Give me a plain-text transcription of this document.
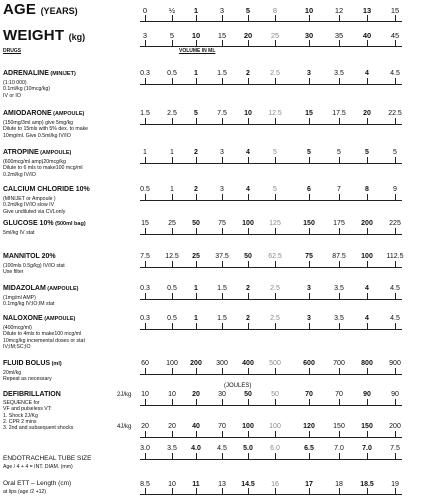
AGE (YEARS)
WEIGHT (kg)
DRUGS	VOLUME IN ML
0	½	1	3	5	8	10	12	13	15
3	5	10	15	20	25	30	35	40	45
ADRENALINE (MINIJET)
(1:10 000)
0.1ml/kg (10mcg/kg)
IV or IO
0.3	0.5	1	1.5	2	2.5	3	3.5	4	4.5
AMIODARONE (AMPOULE)
(150mg/3ml amp) give 5mg/kg
Dilute to 15mls with 5% dex. to make
10mg/ml. Give 0.5ml/kg IV/IO
1.5	2.5	5	7.5	10	12.5	15	17.5	20	22.5
ATROPINE (AMPOULE)
(600mcg/ml amp)20mcg/kg
Dilute to 6 mls to make100 mcg/ml
0.2ml/kg IV/IO
1	1	2	3	4	5	5	5	5	5
CALCIUM CHLORIDE 10%
(MINIJET or Ampoule )
0.2ml/kg IV/IO slow IV
Give undiluted via CVLonly
0.5	1	2	3	4	5	6	7	8	9
GLUCOSE 10% (500ml bag)
5ml/kg IV stat
15	25	50	75	100	125	150	175	200	225
MANNITOL 20%
(100mls 0.5g/kg) IV/IO stat
Use filter
7.5	12.5	25	37.5	50	62.5	75	87.5	100	112.5
MIDAZOLAM (AMPOULE)
(1mg/ml AMP)
0.1mg/kg IV;IO;IM stat
0.3	0.5	1	1.5	2	2.5	3	3.5	4	4.5
NALOXONE (AMPOULE)
(400mcg/ml)
Dilute to 4mls to make100 mcg/ml
10mcg/kg incremental doses or stat
IV;IM;SC;IO
0.3	0.5	1	1.5	2	2.5	3	3.5	4	4.5
FLUID BOLUS (ml)
20ml/kg
Repeat as necessary
60	100	200	300	400	500	600	700	800	900
(JOULES)
DEFIBRILLATION	2J/kg	10	10	20	30	50	50	70	70	90	90
SEQUENCE for
VF and pulseless VT:
1. Shock 2J/Kg
2. CPR 2 mins
3. 2nd and subsequent shocks	4J/kg	20	20	40	70	100	100	120	150	150	200
3.0	3.5	4.0	4.5	5.0	6.0	6.5	7.0	7.0	7.5
ENDOTRACHEAL TUBE SIZE
Age / 4 + 4 = INT. DIAM. (mm)
Oral ETT – Length (cm)
at lips (age /2 +12)
8.5	10	11	13	14.5	16	17	18	18.5	19
